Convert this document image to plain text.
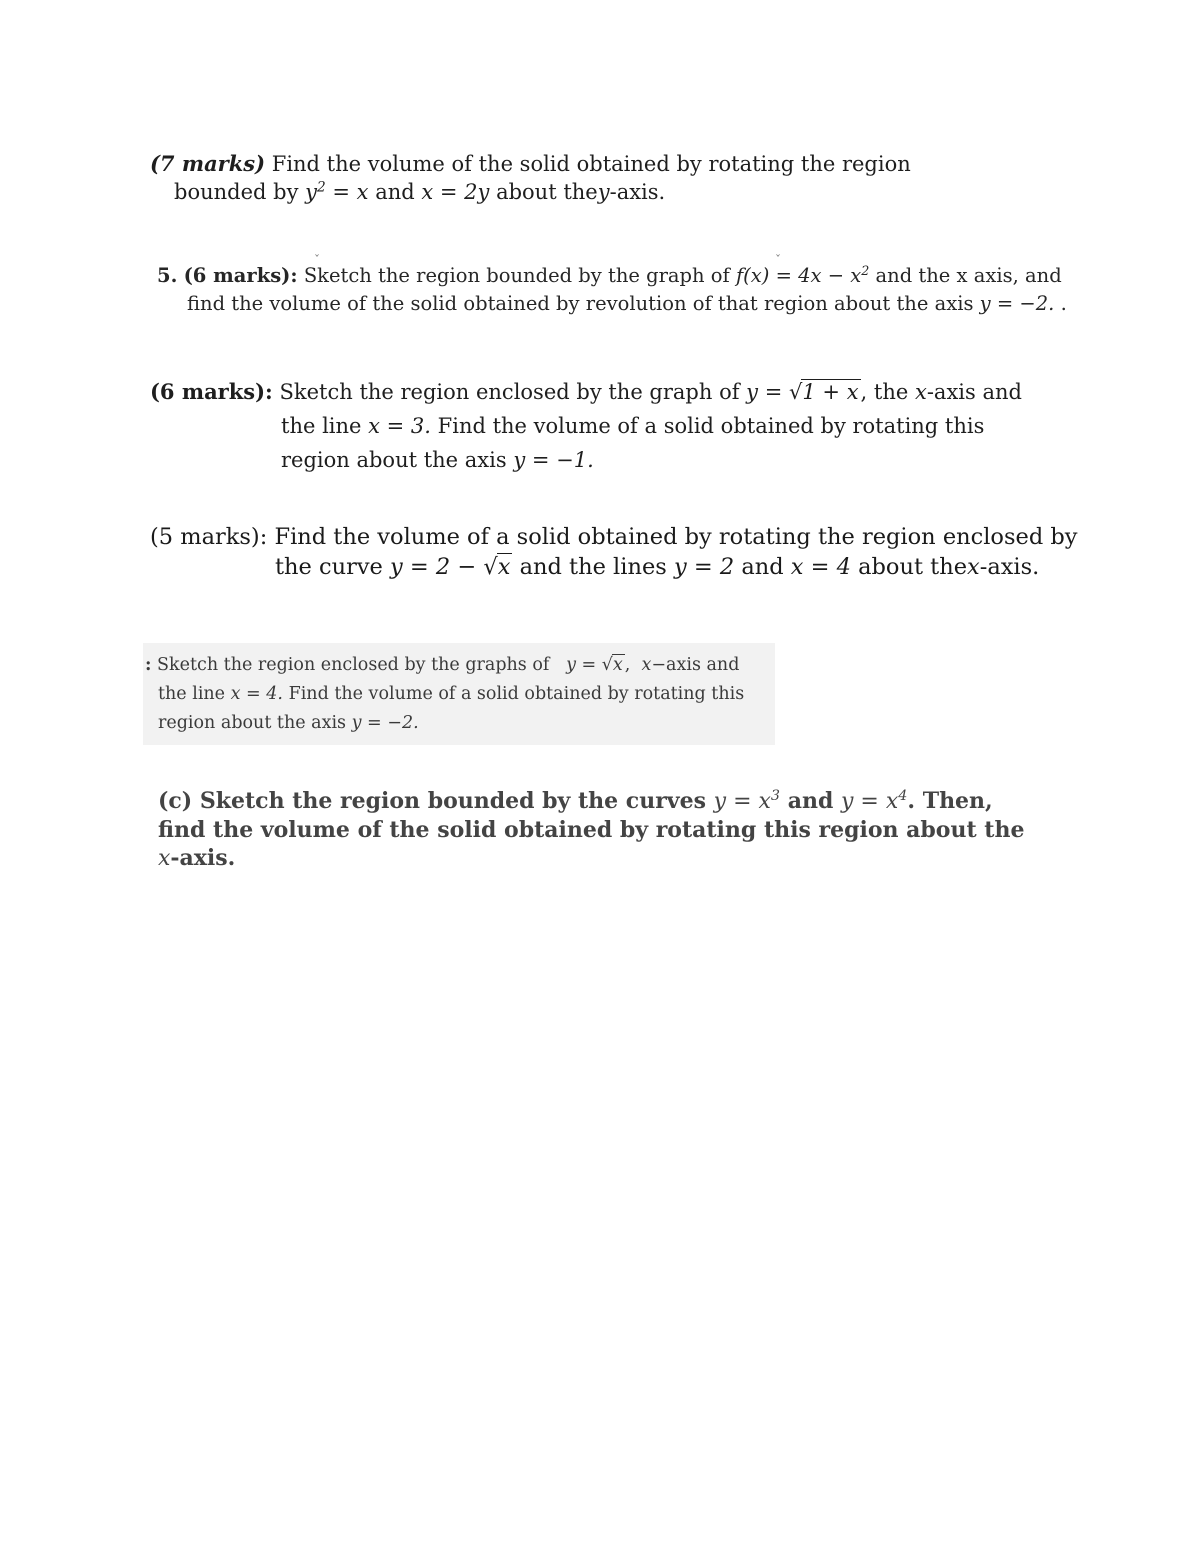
(7 marks) Find the volume of the solid obtained by rotating the region
bounded by $y^2 = x$ and x = 2y about they-axis.
ˇ	ˇ
5. (6 marks): Sketch the region bounded by the graph of $f(x) = 4x - x^2$ and the x axis, and
find the volume of the solid obtained by revolution of that region about the axis y = −2. .
(6 marks): Sketch the region enclosed by the graph of y = √1 + x, the x-axis and
the line x = 3. Find the volume of a solid obtained by rotating this
region about the axis y = −1.
(5 marks): Find the volume of a solid obtained by rotating the region enclosed by
the curve y = 2 − √x and the lines y = 2 and x = 4 about thex-axis.
: Sketch the region enclosed by the graphs of y = √x , x−axis and
the line x = 4. Find the volume of a solid obtained by rotating this
region about the axis y = −2.
(c) Sketch the region bounded by the curves $y = x^3$ and $y = x^4$. Then,
find the volume of the solid obtained by rotating this region about the
x-axis.
